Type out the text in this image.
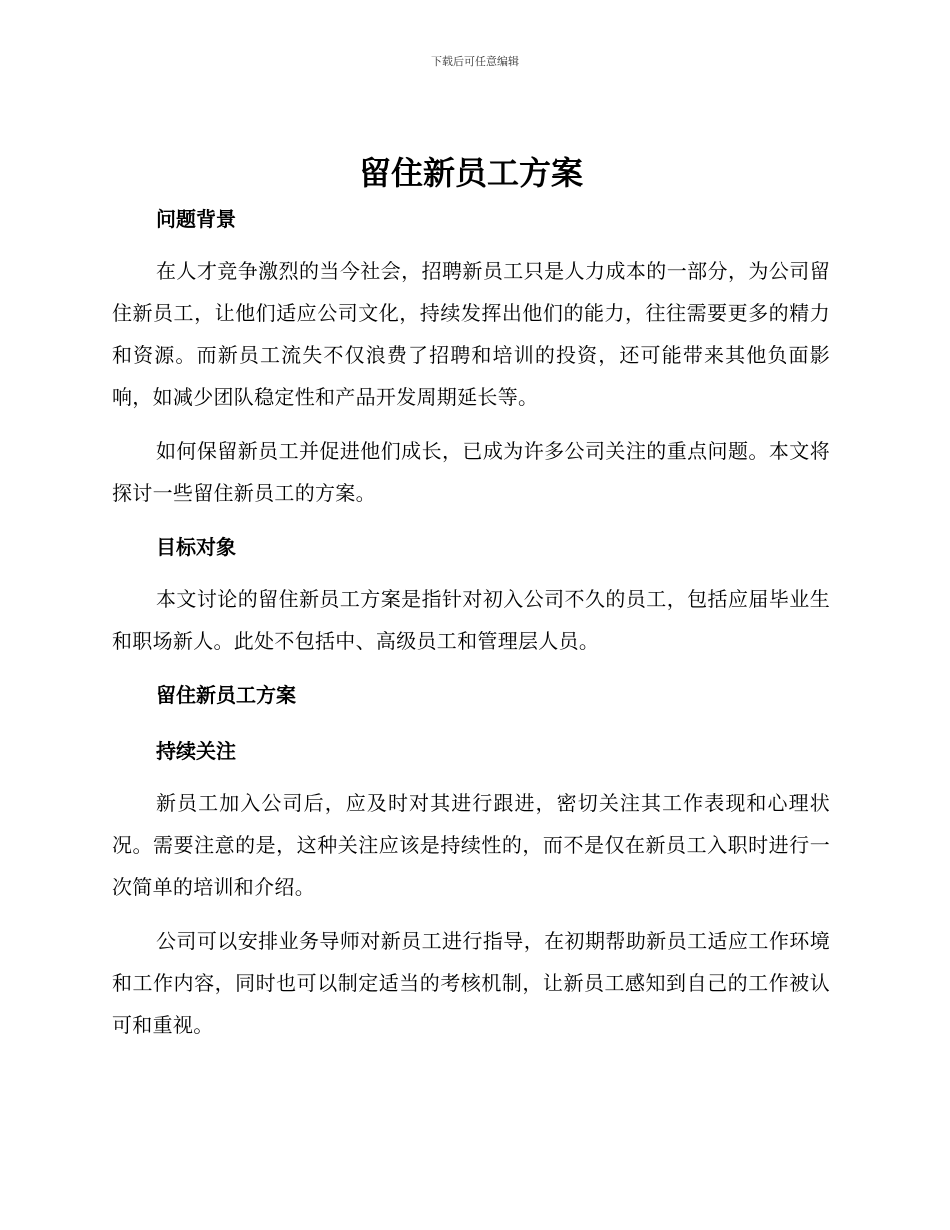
下载后可任意编辑
留住新员工方案
问题背景

在人才竞争激烈的当今社会，招聘新员工只是人力成本的一部分，为公司留住新员工，让他们适应公司文化，持续发挥出他们的能力，往往需要更多的精力和资源。而新员工流失不仅浪费了招聘和培训的投资，还可能带来其他负面影响，如减少团队稳定性和产品开发周期延长等。

如何保留新员工并促进他们成长，已成为许多公司关注的重点问题。本文将探讨一些留住新员工的方案。

目标对象

本文讨论的留住新员工方案是指针对初入公司不久的员工，包括应届毕业生和职场新人。此处不包括中、高级员工和管理层人员。

留住新员工方案
持续关注

新员工加入公司后，应及时对其进行跟进，密切关注其工作表现和心理状况。需要注意的是，这种关注应该是持续性的，而不是仅在新员工入职时进行一次简单的培训和介绍。

公司可以安排业务导师对新员工进行指导，在初期帮助新员工适应工作环境和工作内容，同时也可以制定适当的考核机制，让新员工感知到自己的工作被认可和重视。
